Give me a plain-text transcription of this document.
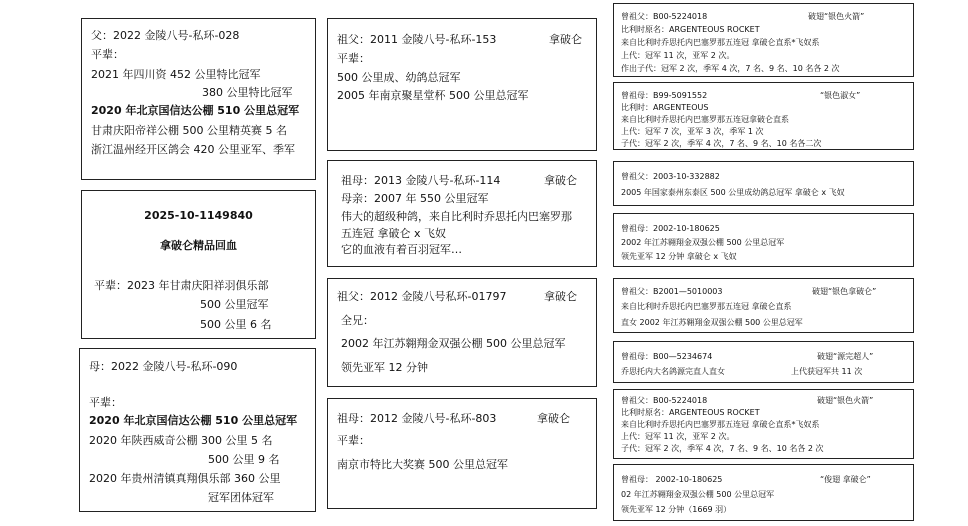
父：2022 金陵八号-私环-028
平辈：
2021 年四川资 452 公里特比冠军
380 公里特比冠军
2020 年北京国信达公棚 510 公里总冠军
甘肃庆阳帝祥公棚 500 公里精英赛 5 名
浙江温州经开区鸽会 420 公里亚军、季军
2025-10-1149840
拿破仑精品回血
平辈：2023 年甘肃庆阳祥羽俱乐部
500 公里冠军
500 公里 6 名
母：2022 金陵八号-私环-090
平辈：
2020 年北京国信达公棚 510 公里总冠军
2020 年陕西威奇公棚 300 公里 5 名
500 公里 9 名
2020 年贵州清镇真翔俱乐部 360 公里
冠军团体冠军
祖父：2011 金陵八号-私环-153	拿破仑
平辈：
500 公里成、幼鸽总冠军
2005 年南京聚星堂杯 500 公里总冠军
祖母：2013 金陵八号-私环-114	拿破仑
母亲：2007 年 550 公里冠军
伟大的超级种鸽，来自比利时乔思托内巴塞罗那
五连冠 拿破仑 x 飞奴
它的血液有着百羽冠军…
祖父：2012 金陵八号私环-01797	拿破仑
全兄：
2002 年江苏翱翔金双强公棚 500 公里总冠军
领先亚军 12 分钟
祖母：2012 金陵八号-私环-803	拿破仑
平辈：
南京市特比大奖赛 500 公里总冠军
曾祖父：B00-5224018	破翅“银色火箭”
比利时原名：ARGENTEOUS ROCKET
来自比利时乔思托内巴塞罗那五连冠 拿破仑直系*飞奴系
上代：冠军 11 次，亚军 2 次。
作出子代：冠军 2 次，季军 4 次，7 名、9 名、10 名各 2 次
曾祖母：B99-5091552	“银色淑女”
比利时：ARGENTEOUS
来自比利时乔思托内巴塞罗那五连冠拿破仑直系
上代：冠军 7 次，亚军 3 次，季军 1 次
子代：冠军 2 次，季军 4 次，7 名、9 名、10 名各二次
曾祖父：2003-10-332882
2005 年国家泰州东泰区 500 公里成幼鸽总冠军 拿破仑 x 飞奴
曾祖母：2002-10-180625
2002 年江苏翱翔金双强公棚 500 公里总冠军
领先亚军 12 分钟 拿破仑 x 飞奴
曾祖父：B2001—5010003	破翅“银色拿破仑”
来自比利时乔思托内巴塞罗那五连冠 拿破仑直系
直女 2002 年江苏翱翔金双强公棚 500 公里总冠军
曾祖母：B00—5234674	破翅“源完超人”
乔思托内大名鸽源完直人直女	上代获冠军共 11 次
曾祖父：B00-5224018	破翅“银色火箭”
比利时原名：ARGENTEOUS ROCKET
来自比利时乔思托内巴塞罗那五连冠 拿破仑直系*飞奴系
上代：冠军 11 次，亚军 2 次。
子代：冠军 2 次，季军 4 次，7 名、9 名、10 名各 2 次
曾祖母： 2002-10-180625	“俊翅 拿破仑”
02 年江苏翱翔金双强公棚 500 公里总冠军
领先亚军 12 分钟（1669 羽）
